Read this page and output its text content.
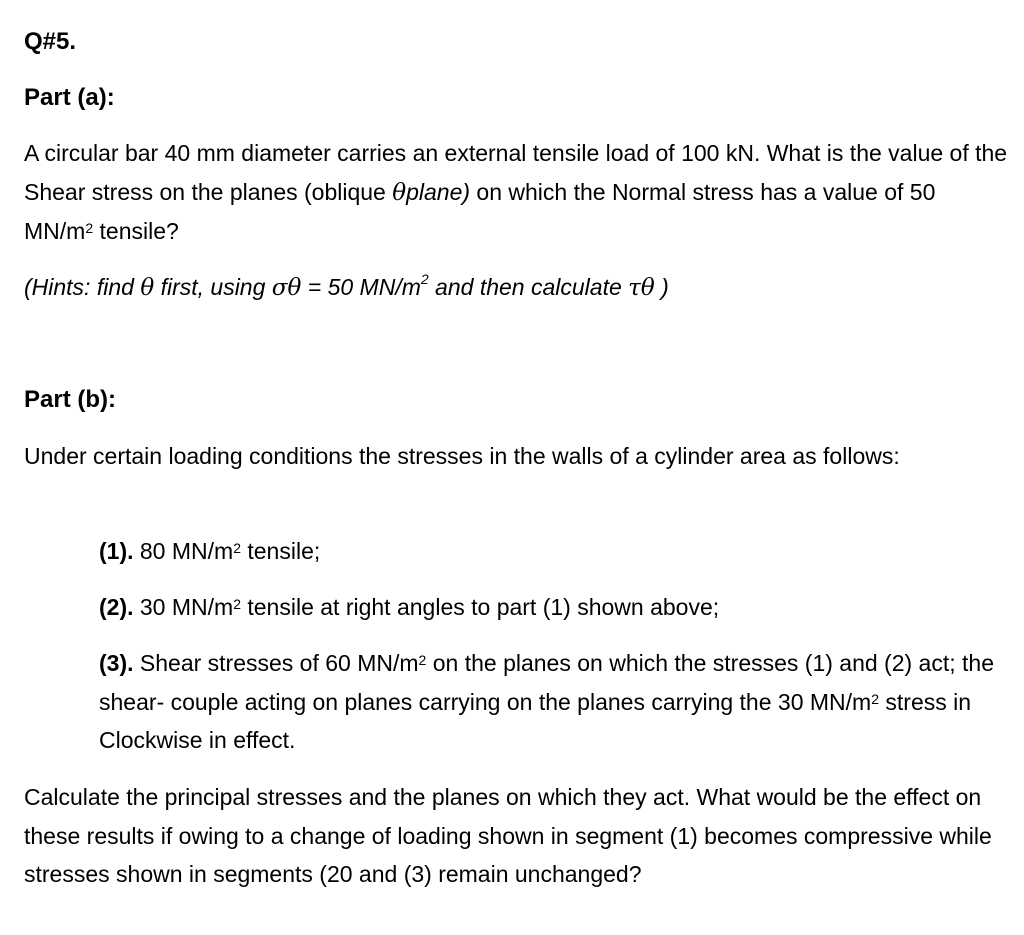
Q#5.
Part (a):
A circular bar 40 mm diameter carries an external tensile load of 100 kN. What is the value of the Shear stress on the planes (oblique θplane) on which the Normal stress has a value of 50 $MN/m^2$ tensile?
(Hints: find θ first, using σθ = 50 $MN/m^2$ and then calculate τθ )
Part (b):
Under certain loading conditions the stresses in the walls of a cylinder area as follows:
(1). 80 $MN/m^2$ tensile;
(2). 30 $MN/m^2$ tensile at right angles to part (1) shown above;
(3). Shear stresses of 60 $MN/m^2$ on the planes on which the stresses (1) and (2) act; the shear- couple acting on planes carrying on the planes carrying the 30 $MN/m^2$ stress in Clockwise in effect.
Calculate the principal stresses and the planes on which they act. What would be the effect on these results if owing to a change of loading shown in segment (1) becomes compressive while stresses shown in segments (20 and (3) remain unchanged?
